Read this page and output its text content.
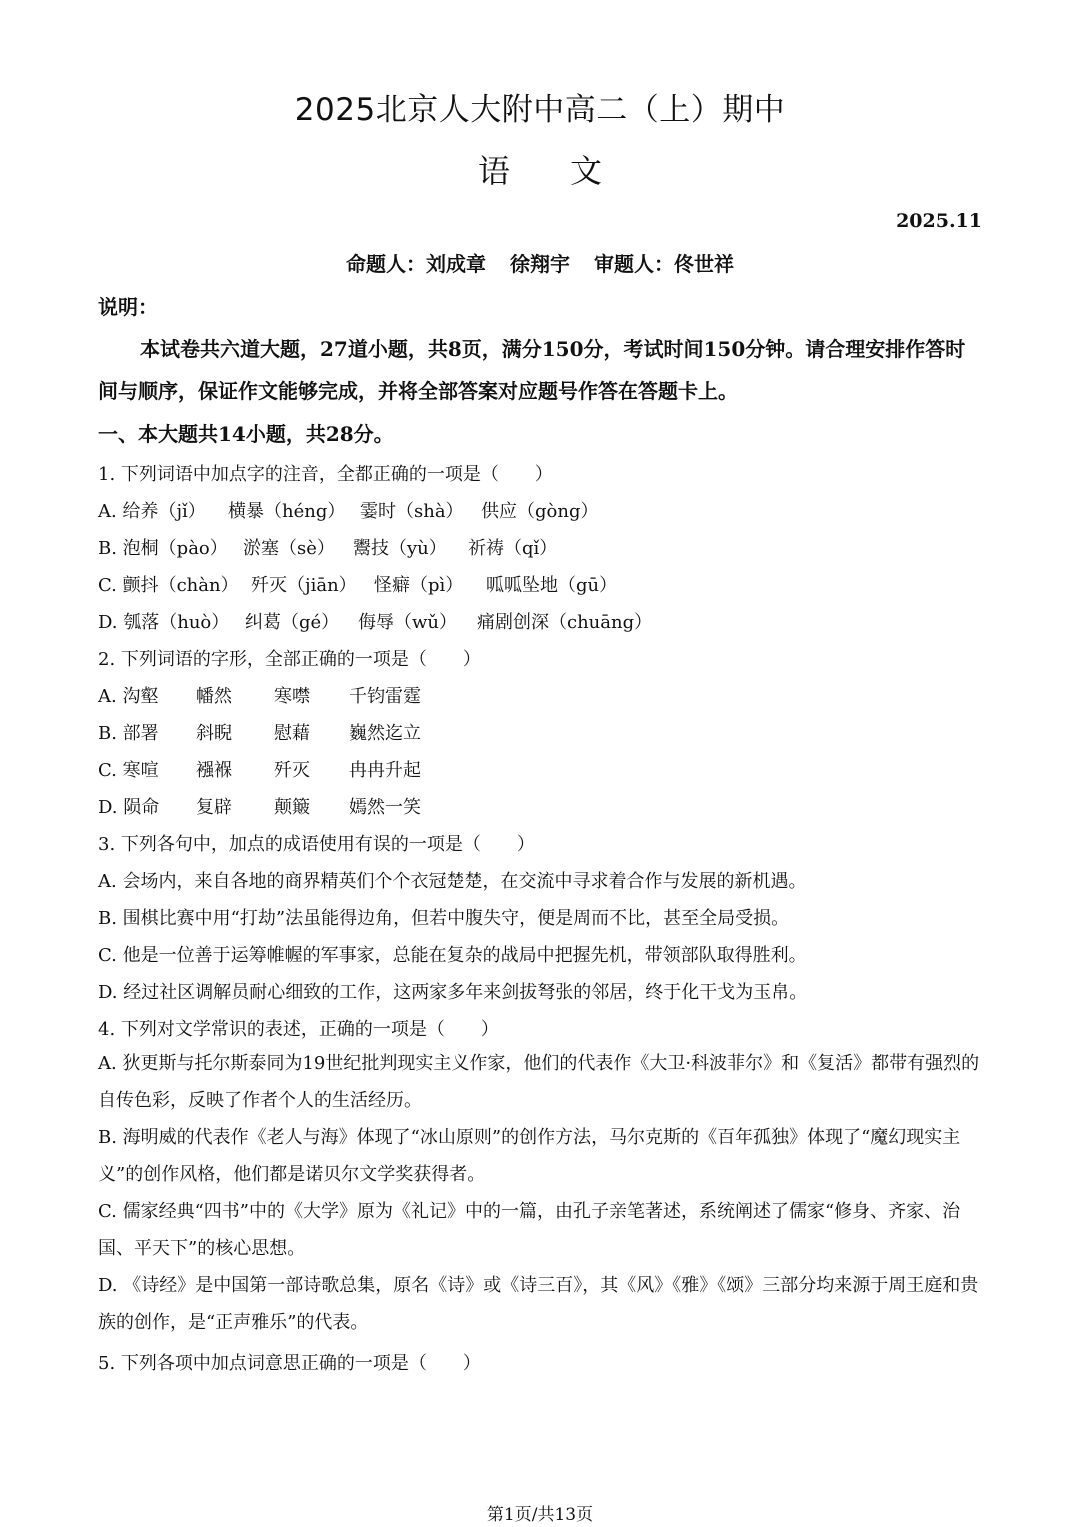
2025北京人大附中高二（上）期中
语文
2025.11
命题人：刘成章 徐翔宇 审题人：佟世祥
说明：
本试卷共六道大题，27道小题，共8页，满分150分，考试时间150分钟。请合理安排作答时间与顺序，保证作文能够完成，并将全部答案对应题号作答在答题卡上。
一、本大题共14小题，共28分。
1. 下列词语中加点字的注音，全都正确的一项是（　　）
A. 给养（jǐ） 横暴（héng） 霎时（shà） 供应（gòng）
B. 泡桐（pào） 淤塞（sè） 鬻技（yù） 祈祷（qǐ）
C. 颤抖（chàn） 歼灭（jiān） 怪癖（pì） 呱呱坠地（gū）
D. 瓠落（huò） 纠葛（gé） 侮辱（wǔ） 痛剧创深（chuāng）
2. 下列词语的字形，全部正确的一项是（　　）
A. 沟壑 幡然 寒噤 千钧雷霆
B. 部署 斜睨 慰藉 巍然迄立
C. 寒喧 襁褓 歼灭 冉冉升起
D. 陨命 复辟 颠簸 嫣然一笑
3. 下列各句中，加点的成语使用有误的一项是（　　）
A. 会场内，来自各地的商界精英们个个衣冠楚楚，在交流中寻求着合作与发展的新机遇。
B. 围棋比赛中用“打劫”法虽能得边角，但若中腹失守，便是周而不比，甚至全局受损。
C. 他是一位善于运筹帷幄的军事家，总能在复杂的战局中把握先机，带领部队取得胜利。
D. 经过社区调解员耐心细致的工作，这两家多年来剑拔弩张的邻居，终于化干戈为玉帛。
4. 下列对文学常识的表述，正确的一项是（　　）
A. 狄更斯与托尔斯泰同为19世纪批判现实主义作家，他们的代表作《大卫·科波菲尔》和《复活》都带有强烈的自传色彩，反映了作者个人的生活经历。
B. 海明威的代表作《老人与海》体现了“冰山原则”的创作方法，马尔克斯的《百年孤独》体现了“魔幻现实主义”的创作风格，他们都是诺贝尔文学奖获得者。
C. 儒家经典“四书”中的《大学》原为《礼记》中的一篇，由孔子亲笔著述，系统阐述了儒家“修身、齐家、治国、平天下”的核心思想。
D. 《诗经》是中国第一部诗歌总集，原名《诗》或《诗三百》，其《风》《雅》《颂》三部分均来源于周王庭和贵族的创作，是“正声雅乐”的代表。
5. 下列各项中加点词意思正确的一项是（　　）
第1页/共13页
